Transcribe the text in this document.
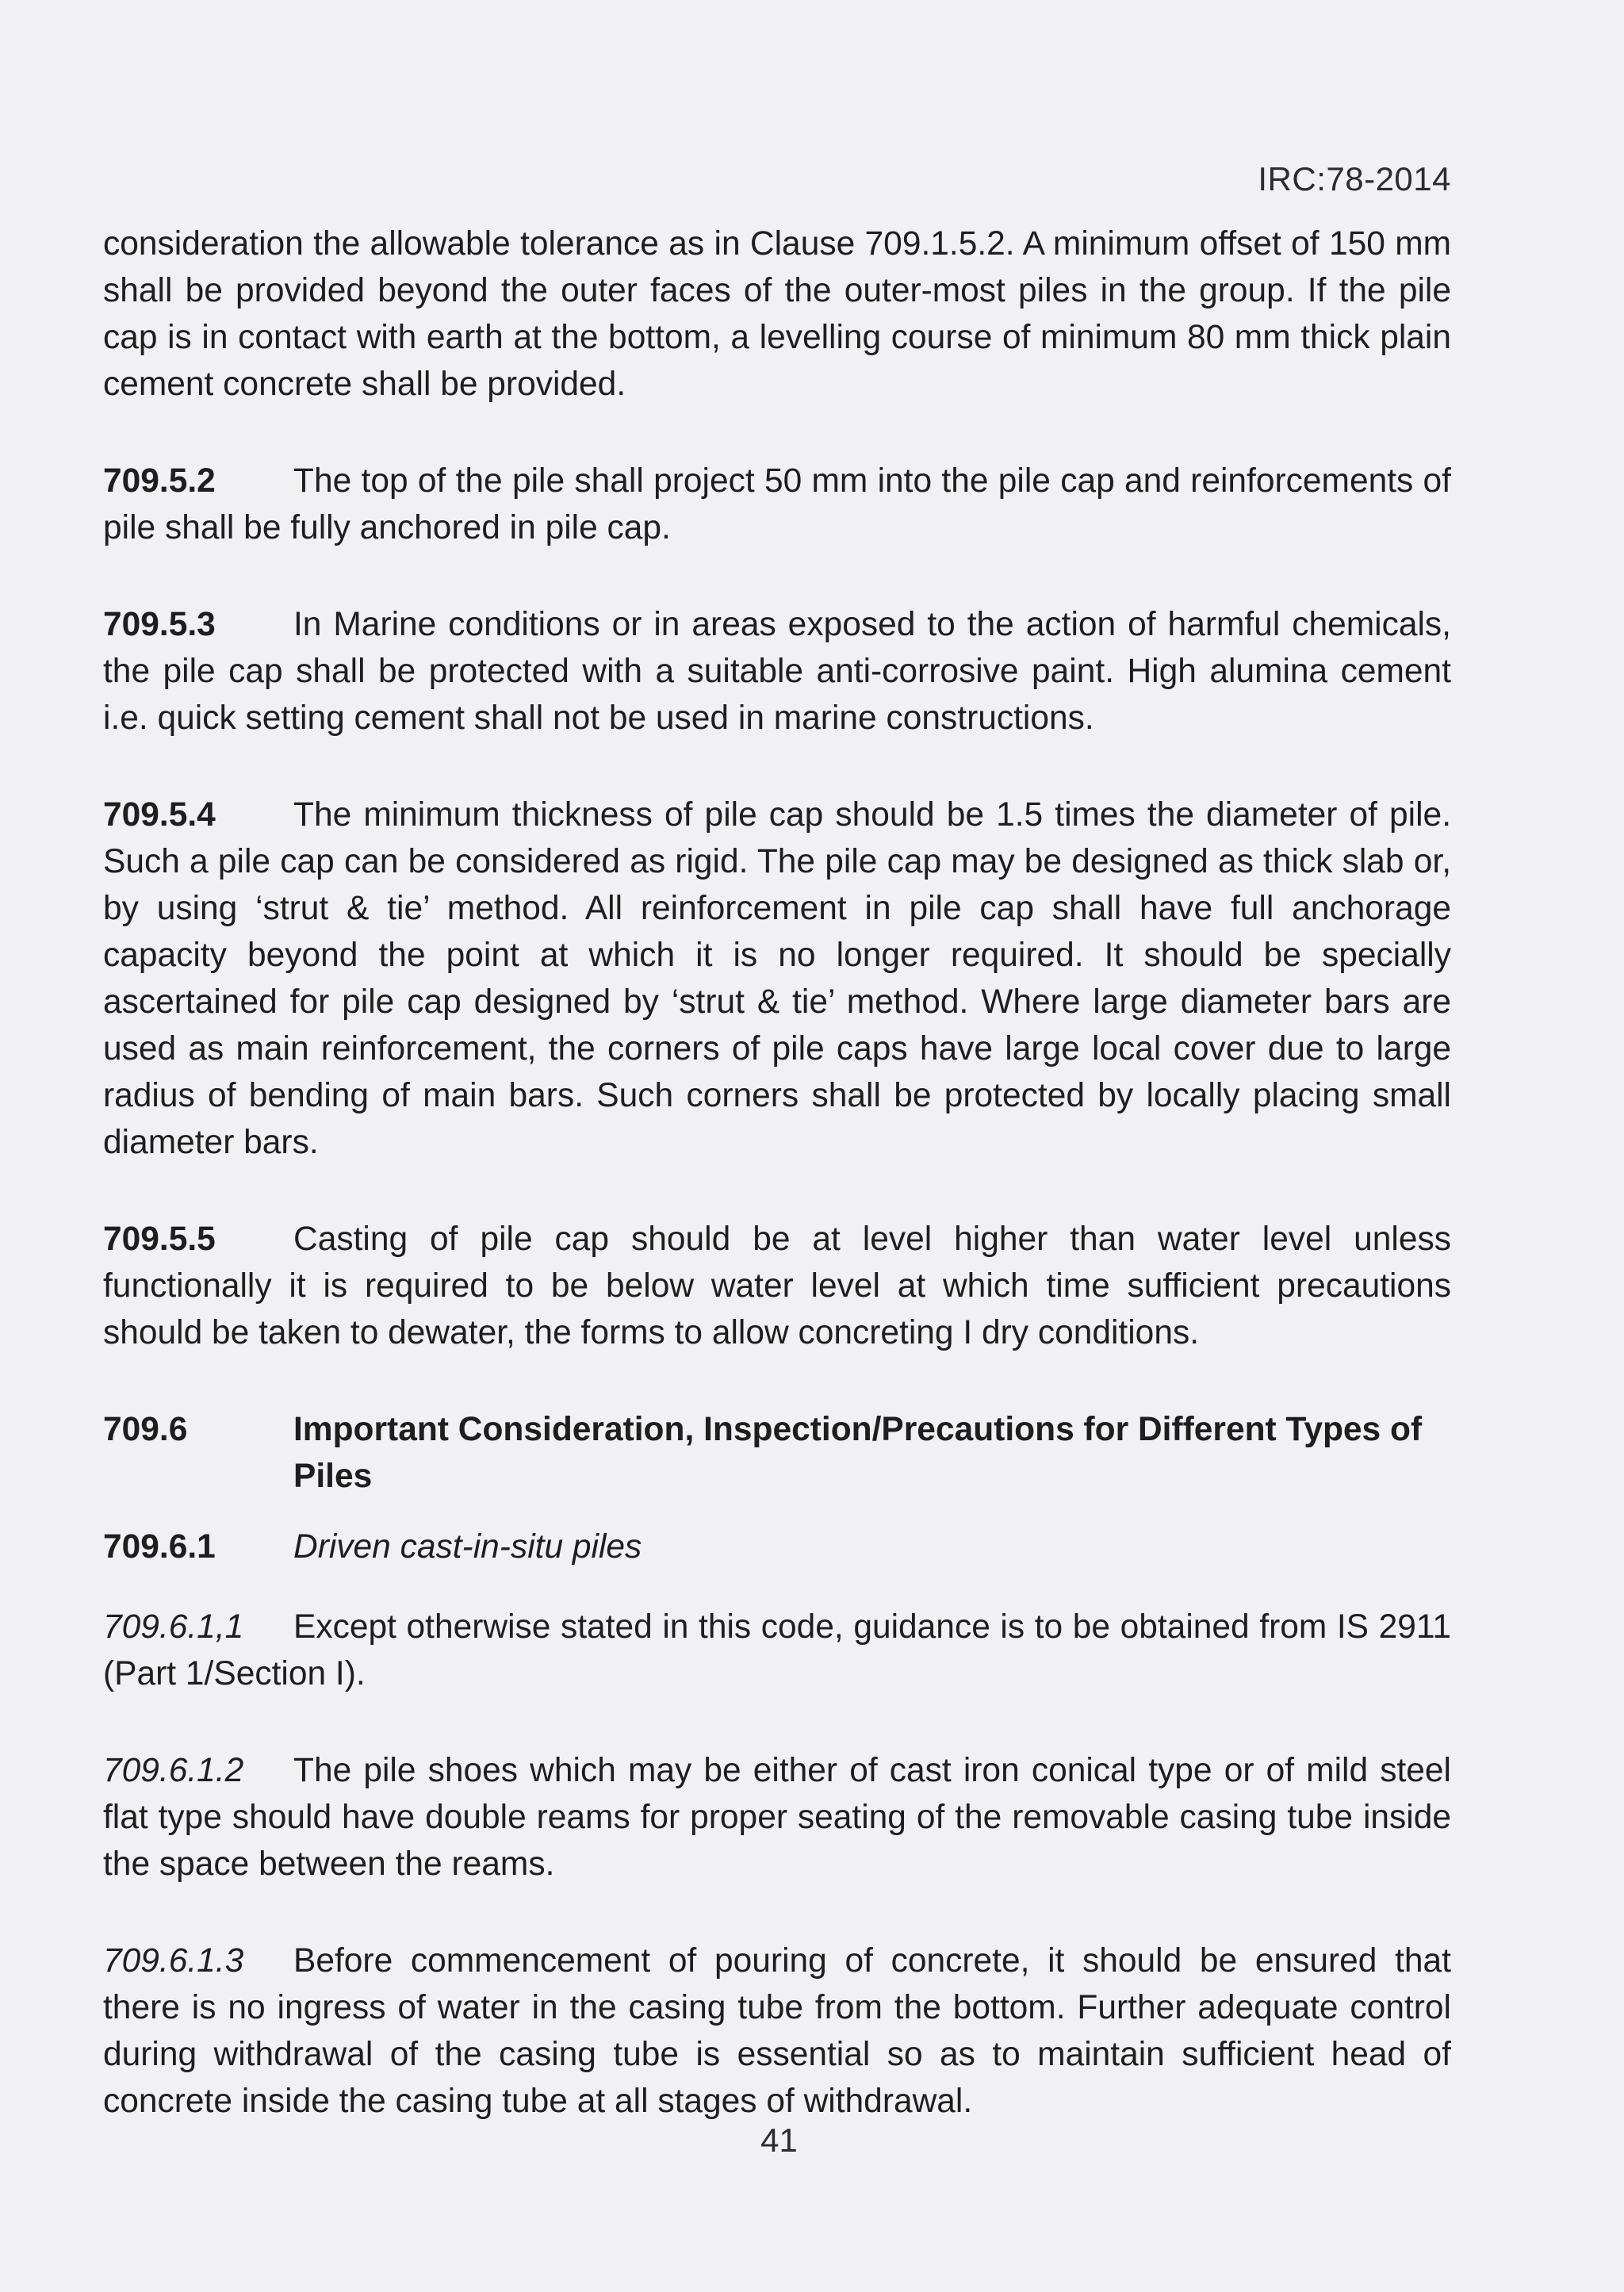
IRC:78-2014

consideration the allowable tolerance as in Clause 709.1.5.2. A minimum offset of 150 mm shall be provided beyond the outer faces of the outer-most piles in the group. If the pile cap is in contact with earth at the bottom, a levelling course of minimum 80 mm thick plain cement concrete shall be provided.

709.5.2 The top of the pile shall project 50 mm into the pile cap and reinforcements of pile shall be fully anchored in pile cap.

709.5.3 In Marine conditions or in areas exposed to the action of harmful chemicals, the pile cap shall be protected with a suitable anti-corrosive paint. High alumina cement i.e. quick setting cement shall not be used in marine constructions.

709.5.4 The minimum thickness of pile cap should be 1.5 times the diameter of pile. Such a pile cap can be considered as rigid. The pile cap may be designed as thick slab or, by using ‘strut & tie’ method. All reinforcement in pile cap shall have full anchorage capacity beyond the point at which it is no longer required. It should be specially ascertained for pile cap designed by ‘strut & tie’ method. Where large diameter bars are used as main reinforcement, the corners of pile caps have large local cover due to large radius of bending of main bars. Such corners shall be protected by locally placing small diameter bars.

709.5.5 Casting of pile cap should be at level higher than water level unless functionally it is required to be below water level at which time sufficient precautions should be taken to dewater, the forms to allow concreting I dry conditions.

709.6	Important Consideration, Inspection/Precautions for Different Types of Piles
709.6.1	Driven cast-in-situ piles

709.6.1,1 Except otherwise stated in this code, guidance is to be obtained from IS 2911 (Part 1/Section I).

709.6.1.2 The pile shoes which may be either of cast iron conical type or of mild steel flat type should have double reams for proper seating of the removable casing tube inside the space between the reams.

709.6.1.3 Before commencement of pouring of concrete, it should be ensured that there is no ingress of water in the casing tube from the bottom. Further adequate control during withdrawal of the casing tube is essential so as to maintain sufficient head of concrete inside the casing tube at all stages of withdrawal.

41
